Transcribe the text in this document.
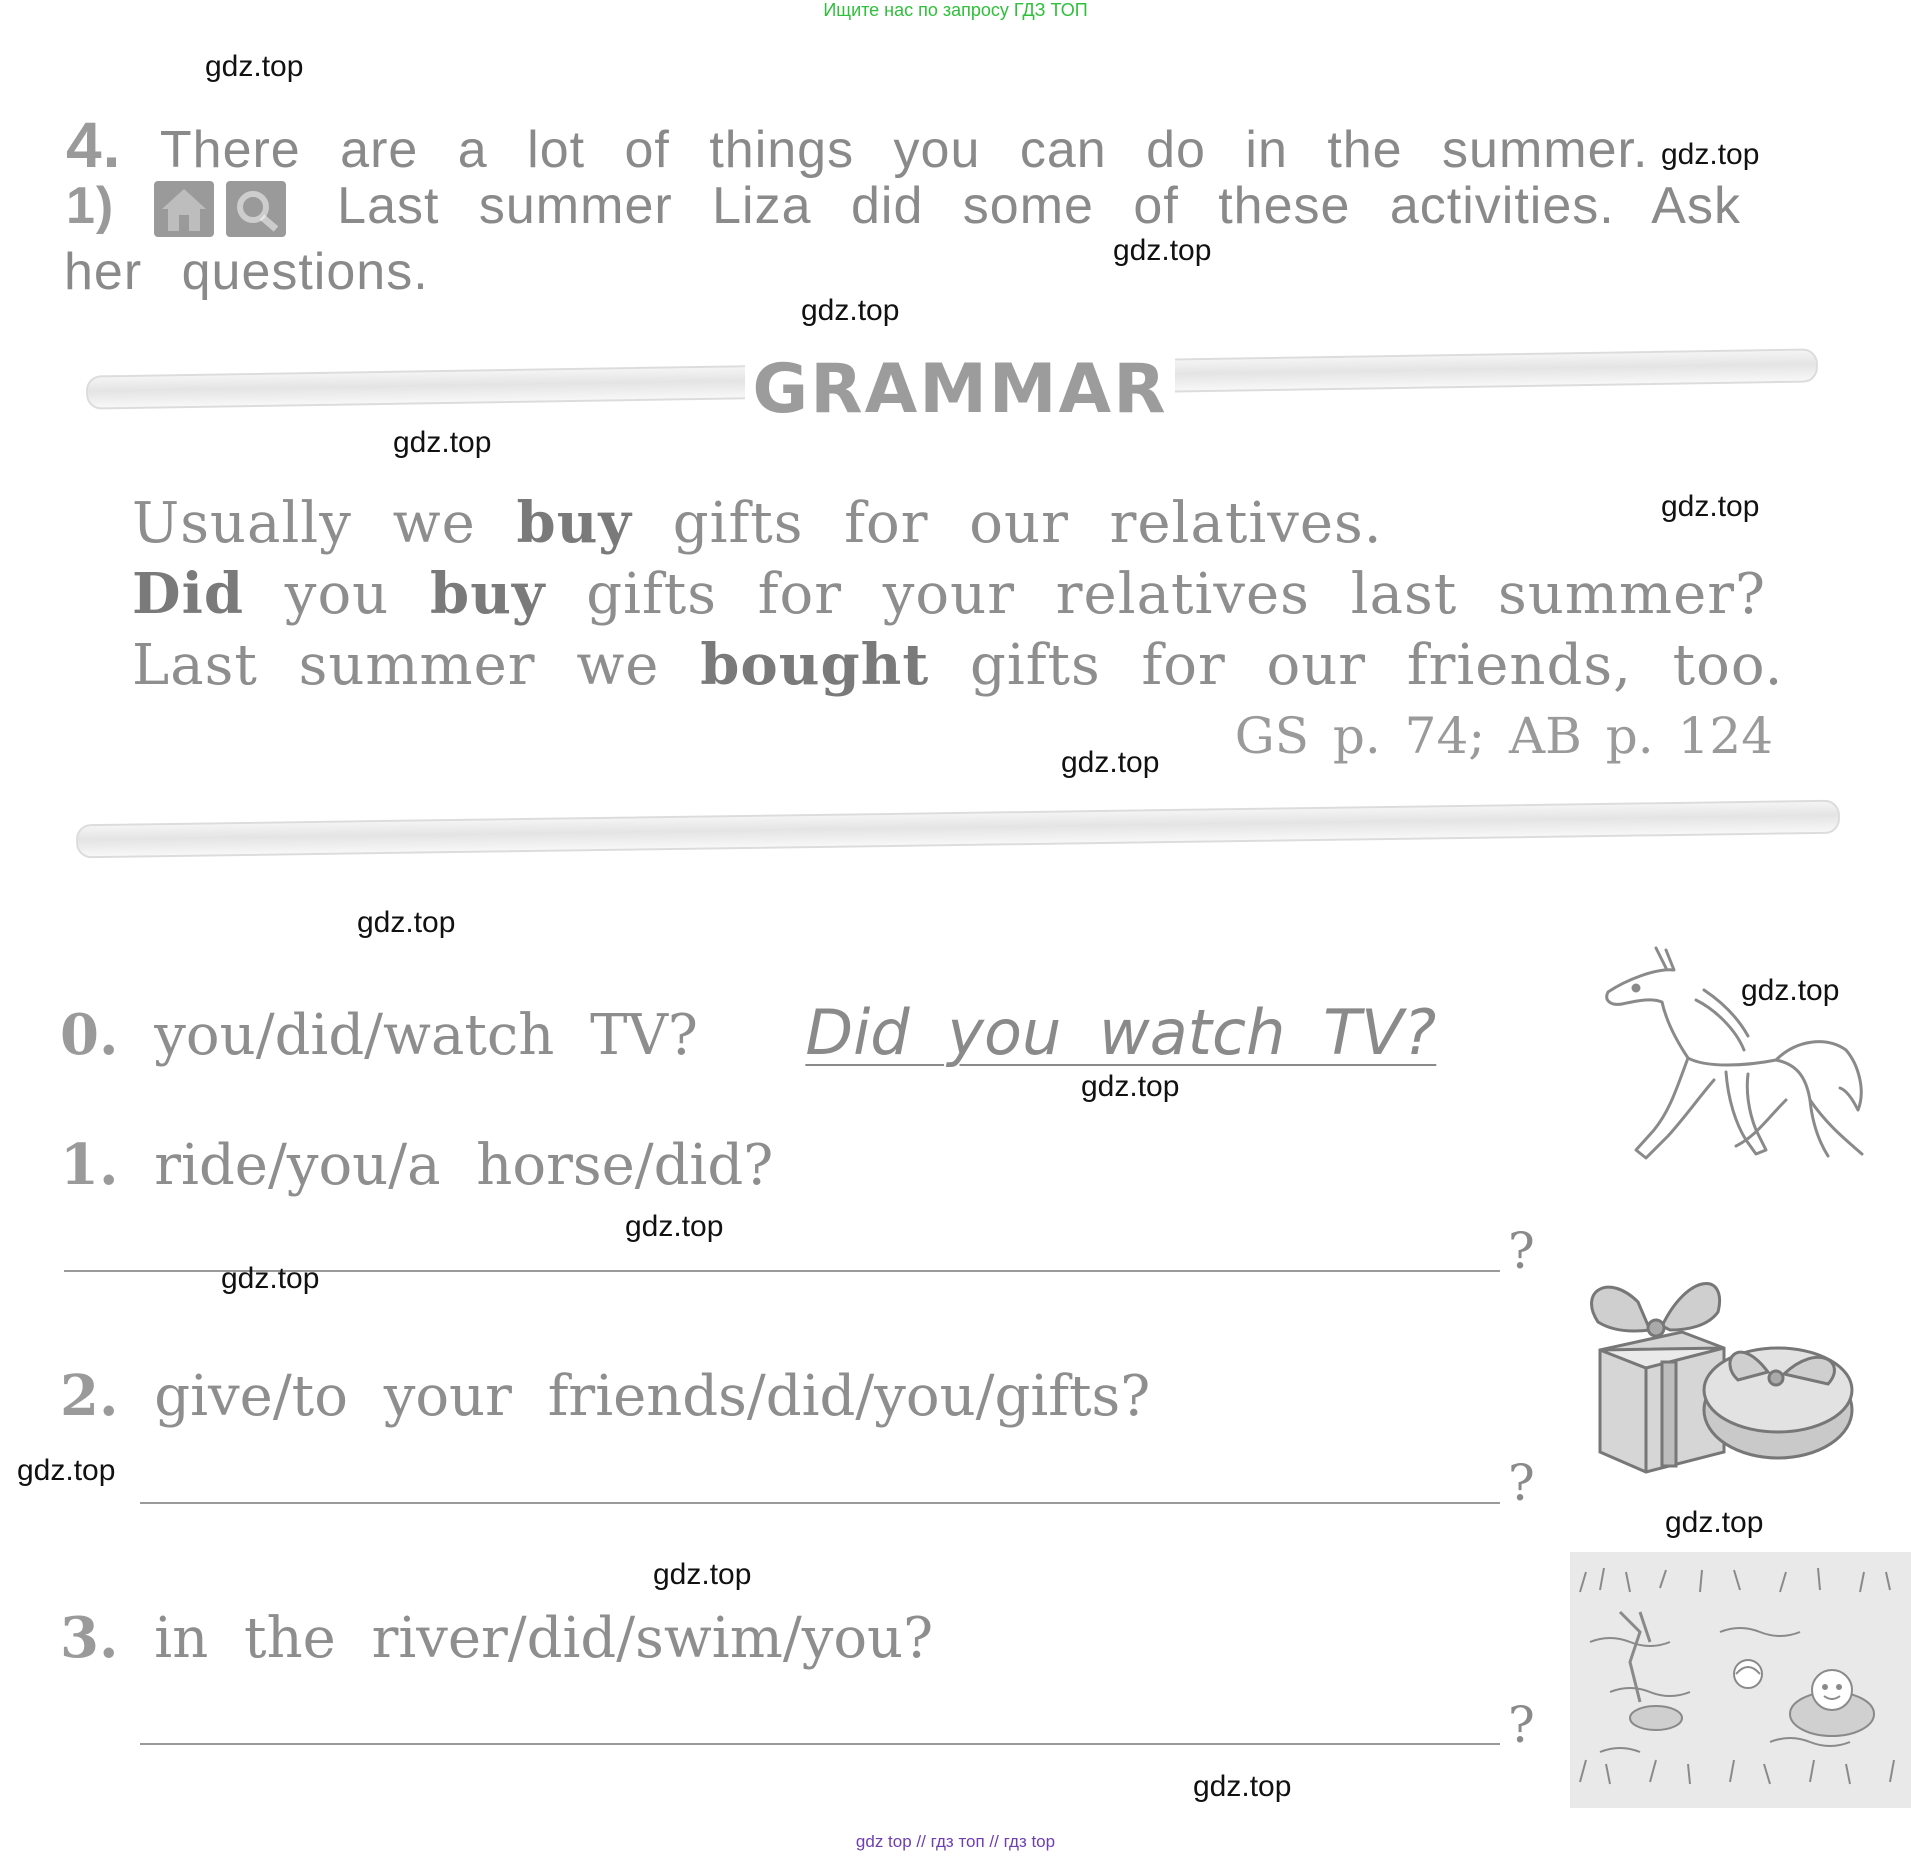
Ищите нас по запросу ГДЗ ТОП
gdz top // гдз топ // гдз top
4. There are a lot of things you can do in the summer.
1)	Last summer Liza did some of these activities. Ask
her questions.
GRAMMAR
Usually we buy gifts for our relatives.
Did you buy gifts for your relatives last summer?
Last summer we bought gifts for our friends, too.
GS p. 74; AB p. 124
0. you/did/watch TV? Did you watch TV?
1. ride/you/a horse/did?
?
2. give/to your friends/did/you/gifts?
?
3. in the river/did/swim/you?
?
gdz.top
gdz.top
gdz.top
gdz.top
gdz.top
gdz.top
gdz.top
gdz.top
gdz.top
gdz.top
gdz.top
gdz.top
gdz.top
gdz.top
gdz.top
gdz.top
